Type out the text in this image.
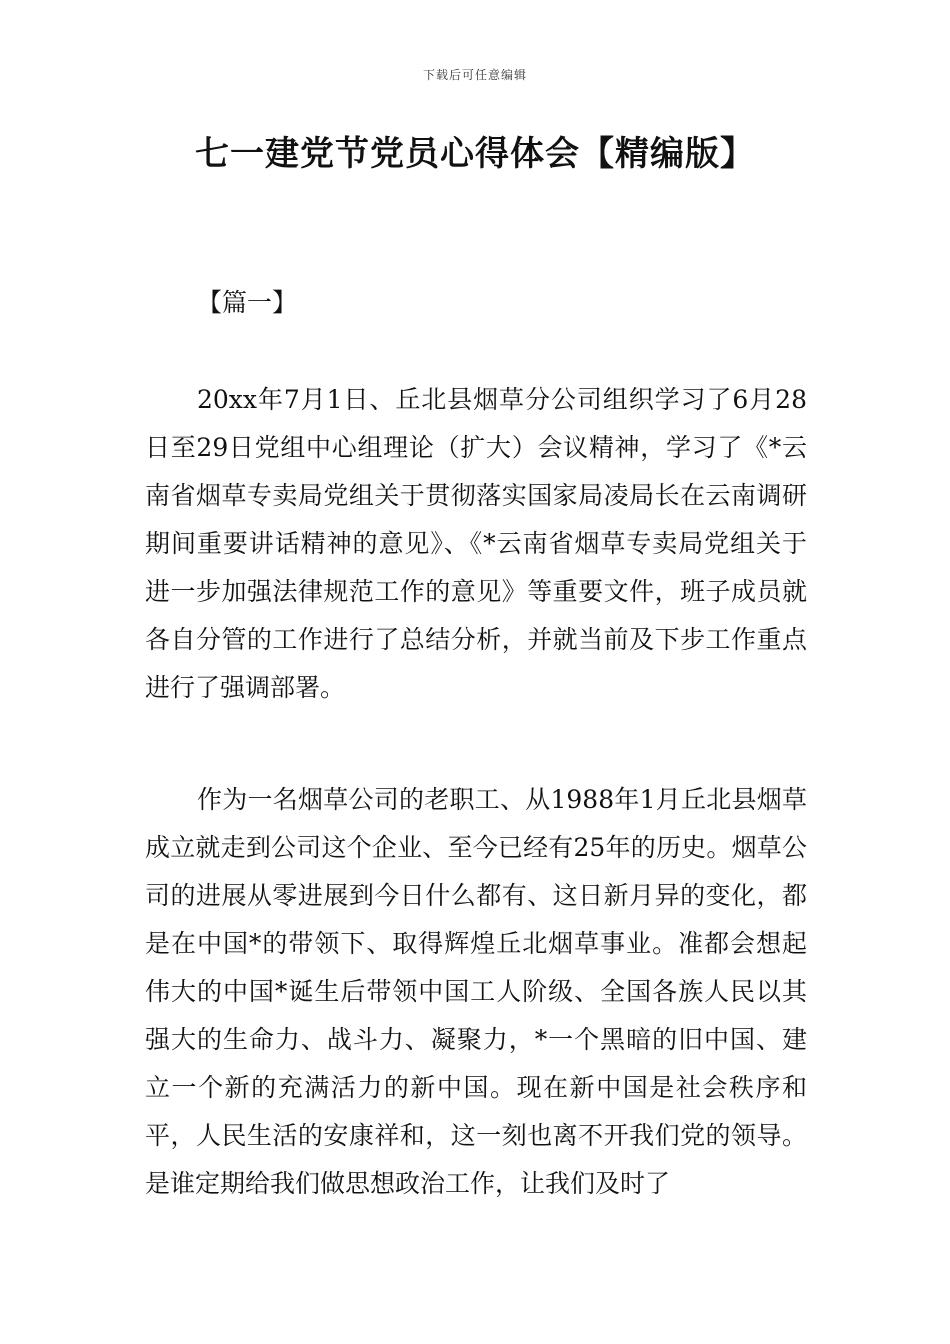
下载后可任意编辑
七一建党节党员心得体会【精编版】

【篇一】

20xx年7月1日、丘北县烟草分公司组织学习了6月28日至29日党组中心组理论（扩大）会议精神，学习了《*云南省烟草专卖局党组关于贯彻落实国家局凌局长在云南调研期间重要讲话精神的意见》、《*云南省烟草专卖局党组关于进一步加强法律规范工作的意见》等重要文件，班子成员就各自分管的工作进行了总结分析，并就当前及下步工作重点进行了强调部署。

作为一名烟草公司的老职工、从1988年1月丘北县烟草成立就走到公司这个企业、至今已经有25年的历史。烟草公司的进展从零进展到今日什么都有、这日新月异的变化，都是在中国*的带领下、取得辉煌丘北烟草事业。准都会想起伟大的中国*诞生后带领中国工人阶级、全国各族人民以其强大的生命力、战斗力、凝聚力，*一个黑暗的旧中国、建立一个新的充满活力的新中国。现在新中国是社会秩序和平，人民生活的安康祥和，这一刻也离不开我们党的领导。是谁定期给我们做思想政治工作，让我们及时了
